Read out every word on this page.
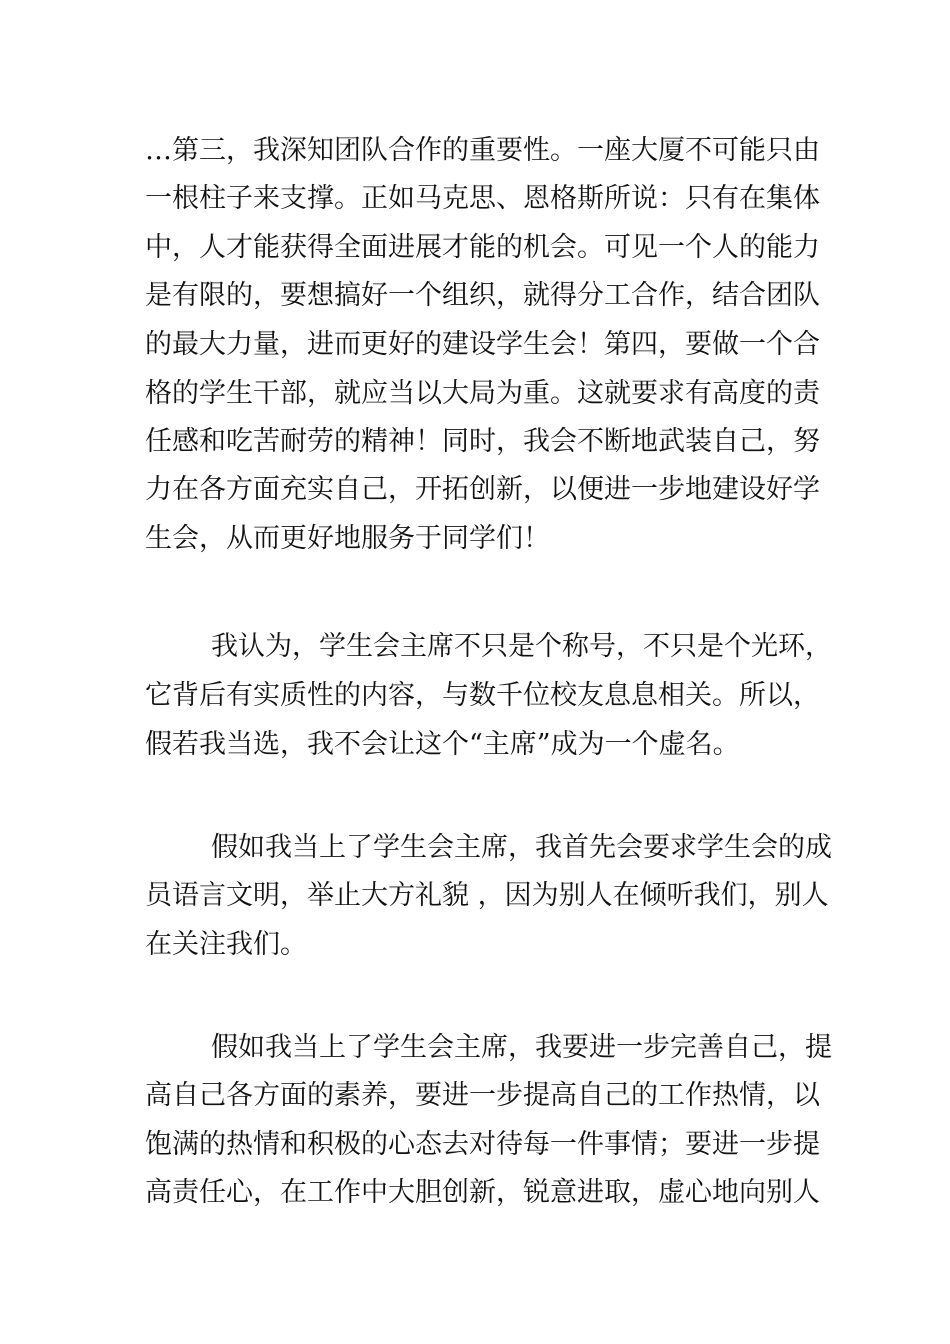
…第三，我深知团队合作的重要性。一座大厦不可能只由
一根柱子来支撑。正如马克思、恩格斯所说：只有在集体
中，人才能获得全面进展才能的机会。可见一个人的能力
是有限的，要想搞好一个组织，就得分工合作，结合团队
的最大力量，进而更好的建设学生会！第四，要做一个合
格的学生干部，就应当以大局为重。这就要求有高度的责
任感和吃苦耐劳的精神！同时，我会不断地武装自己，努
力在各方面充实自己，开拓创新，以便进一步地建设好学
生会，从而更好地服务于同学们！
我认为，学生会主席不只是个称号，不只是个光环，
它背后有实质性的内容，与数千位校友息息相关。所以，
假若我当选，我不会让这个“主席”成为一个虚名。
假如我当上了学生会主席，我首先会要求学生会的成
员语言文明，举止大方礼貌 ，因为别人在倾听我们，别人
在关注我们。
假如我当上了学生会主席，我要进一步完善自己，提
高自己各方面的素养，要进一步提高自己的工作热情，以
饱满的热情和积极的心态去对待每一件事情；要进一步提
高责任心，在工作中大胆创新，锐意进取，虚心地向别人
